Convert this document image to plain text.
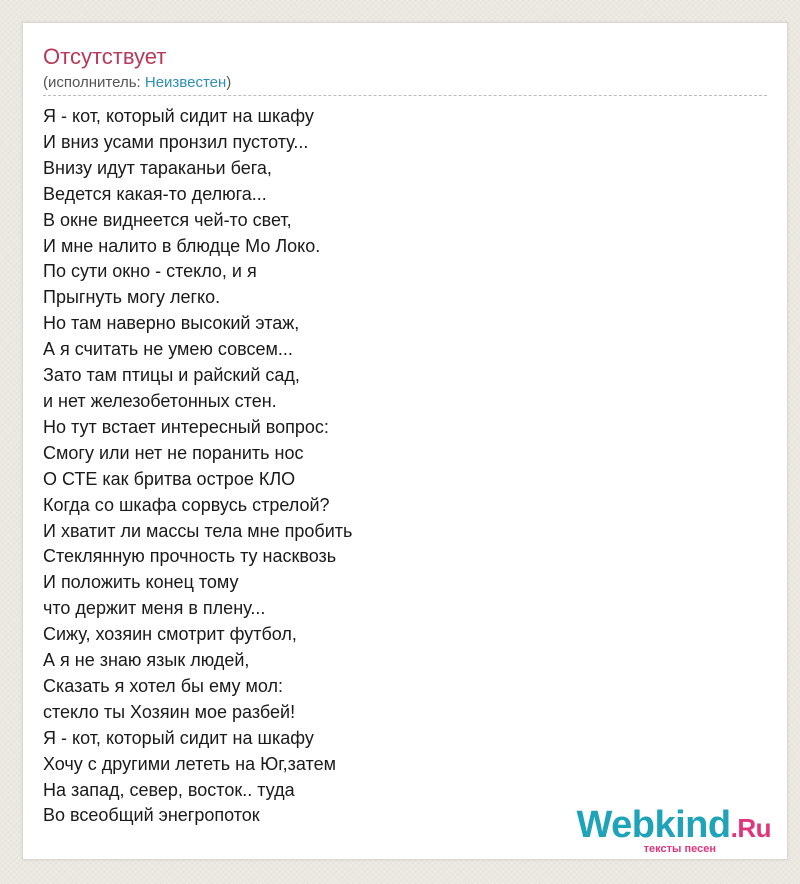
Отсутствует
(исполнитель: Неизвестен)
Я - кот, который сидит на шкафу
И вниз усами пронзил пустоту...
Внизу идут тараканьи бега,
Ведется какая-то делюга...
В окне виднеется чей-то свет,
И мне налито в блюдце Мо Локо.
По сути окно - стекло, и я
Прыгнуть могу легко.
Но там наверно высокий этаж,
А я считать не умею совсем...
Зато там птицы и райский сад,
и нет железобетонных стен.
Но тут встает интересный вопрос:
Смогу или нет не поранить нос
О СТЕ как бритва острое КЛО
Когда со шкафа сорвусь стрелой?
И хватит ли массы тела мне пробить
Стеклянную прочность ту насквозь
И положить конец тому
что держит меня в плену...
Сижу, хозяин смотрит футбол,
А я не знаю язык людей,
Сказать я хотел бы ему мол:
стекло ты Хозяин мое разбей!
Я - кот, который сидит на шкафу
Хочу с другими лететь на Юг,затем
На запад, север, восток.. туда
Во всеобщий энегропоток	Webkind.Ru
тексты песен
